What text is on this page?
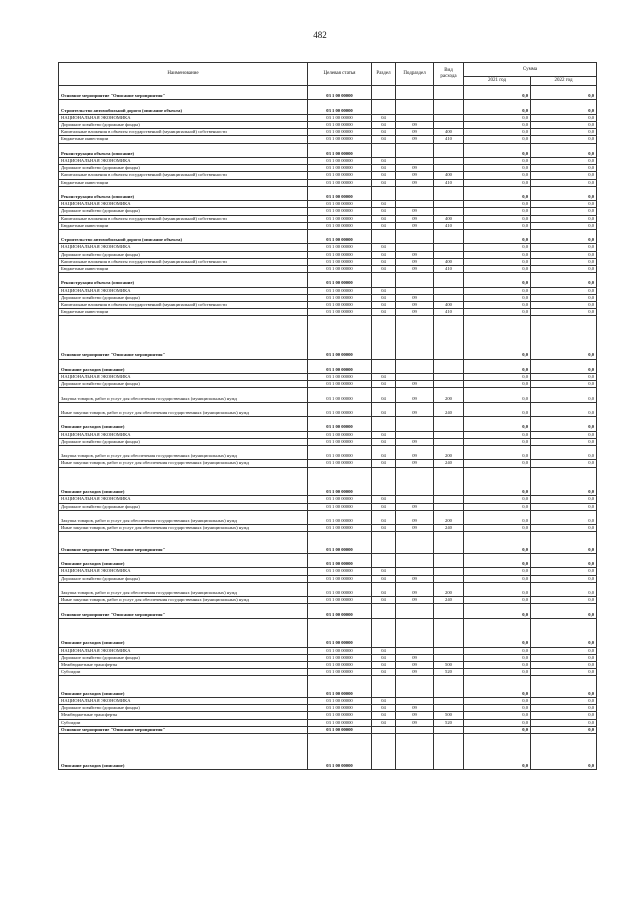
482
Наименование	Целевая статья	Раздел	Подраздел	Вид расхода	Сумма	
					2021 год	2022 год
Основное мероприятие "Описание мероприятия"	03 1 00 00000				0,0	0,0
Строительство автомобильной дороги (описание объекта)	03 1 00 00000				0,0	0,0
НАЦИОНАЛЬНАЯ ЭКОНОМИКА	03 1 00 00000	04			0,0	0,0
Дорожное хозяйство (дорожные фонды)	03 1 00 00000	04	09		0,0	0,0
Капитальные вложения в объекты государственной (муниципальной) собственности	03 1 00 00000	04	09	400	0,0	0,0
Бюджетные инвестиции	03 1 00 00000	04	09	410	0,0	0,0
Реконструкция объекта (описание)	03 1 00 00000				0,0	0,0
НАЦИОНАЛЬНАЯ ЭКОНОМИКА	03 1 00 00000	04			0,0	0,0
Дорожное хозяйство (дорожные фонды)	03 1 00 00000	04	09		0,0	0,0
Капитальные вложения в объекты государственной (муниципальной) собственности	03 1 00 00000	04	09	400	0,0	0,0
Бюджетные инвестиции	03 1 00 00000	04	09	410	0,0	0,0
Реконструкция объекта (описание)	03 1 00 00000				0,0	0,0
НАЦИОНАЛЬНАЯ ЭКОНОМИКА	03 1 00 00000	04			0,0	0,0
Дорожное хозяйство (дорожные фонды)	03 1 00 00000	04	09		0,0	0,0
Капитальные вложения в объекты государственной (муниципальной) собственности	03 1 00 00000	04	09	400	0,0	0,0
Бюджетные инвестиции	03 1 00 00000	04	09	410	0,0	0,0
Строительство автомобильной дороги (описание объекта)	03 1 00 00000				0,0	0,0
НАЦИОНАЛЬНАЯ ЭКОНОМИКА	03 1 00 00000	04			0,0	0,0
Дорожное хозяйство (дорожные фонды)	03 1 00 00000	04	09		0,0	0,0
Капитальные вложения в объекты государственной (муниципальной) собственности	03 1 00 00000	04	09	400	0,0	0,0
Бюджетные инвестиции	03 1 00 00000	04	09	410	0,0	0,0
Реконструкция объекта (описание)	03 1 00 00000				0,0	0,0
НАЦИОНАЛЬНАЯ ЭКОНОМИКА	03 1 00 00000	04			0,0	0,0
Дорожное хозяйство (дорожные фонды)	03 1 00 00000	04	09		0,0	0,0
Капитальные вложения в объекты государственной (муниципальной) собственности	03 1 00 00000	04	09	400	0,0	0,0
Бюджетные инвестиции	03 1 00 00000	04	09	410	0,0	0,0
Основное мероприятие "Описание мероприятия"	03 1 00 00000				0,0	0,0
Описание расходов (описание)	03 1 00 00000				0,0	0,0
НАЦИОНАЛЬНАЯ ЭКОНОМИКА	03 1 00 00000	04			0,0	0,0
Дорожное хозяйство (дорожные фонды)	03 1 00 00000	04	09		0,0	0,0
Закупка товаров, работ и услуг для обеспечения государственных (муниципальных) нужд	03 1 00 00000	04	09	200	0,0	0,0
Иные закупки товаров, работ и услуг для обеспечения государственных (муниципальных) нужд	03 1 00 00000	04	09	240	0,0	0,0
Описание расходов (описание)	03 1 00 00000				0,0	0,0
НАЦИОНАЛЬНАЯ ЭКОНОМИКА	03 1 00 00000	04			0,0	0,0
Дорожное хозяйство (дорожные фонды)	03 1 00 00000	04	09		0,0	0,0
Закупка товаров, работ и услуг для обеспечения государственных (муниципальных) нужд	03 1 00 00000	04	09	200	0,0	0,0
Иные закупки товаров, работ и услуг для обеспечения государственных (муниципальных) нужд	03 1 00 00000	04	09	240	0,0	0,0
Описание расходов (описание)	03 1 00 00000				0,0	0,0
НАЦИОНАЛЬНАЯ ЭКОНОМИКА	03 1 00 00000	04			0,0	0,0
Дорожное хозяйство (дорожные фонды)	03 1 00 00000	04	09		0,0	0,0
Закупка товаров, работ и услуг для обеспечения государственных (муниципальных) нужд	03 1 00 00000	04	09	200	0,0	0,0
Иные закупки товаров, работ и услуг для обеспечения государственных (муниципальных) нужд	03 1 00 00000	04	09	240	0,0	0,0
Основное мероприятие "Описание мероприятия"	03 1 00 00000				0,0	0,0
Описание расходов (описание)	03 1 00 00000				0,0	0,0
НАЦИОНАЛЬНАЯ ЭКОНОМИКА	03 1 00 00000	04			0,0	0,0
Дорожное хозяйство (дорожные фонды)	03 1 00 00000	04	09		0,0	0,0
Закупка товаров, работ и услуг для обеспечения государственных (муниципальных) нужд	03 1 00 00000	04	09	200	0,0	0,0
Иные закупки товаров, работ и услуг для обеспечения государственных (муниципальных) нужд	03 1 00 00000	04	09	240	0,0	0,0
Основное мероприятие "Описание мероприятия"	03 1 00 00000				0,0	0,0
Описание расходов (описание)	03 1 00 00000				0,0	0,0
НАЦИОНАЛЬНАЯ ЭКОНОМИКА	03 1 00 00000	04			0,0	0,0
Дорожное хозяйство (дорожные фонды)	03 1 00 00000	04	09		0,0	0,0
Межбюджетные трансферты	03 1 00 00000	04	09	500	0,0	0,0
Субсидии	03 1 00 00000	04	09	520	0,0	0,0
Описание расходов (описание)	03 1 00 00000				0,0	0,0
НАЦИОНАЛЬНАЯ ЭКОНОМИКА	03 1 00 00000	04			0,0	0,0
Дорожное хозяйство (дорожные фонды)	03 1 00 00000	04	09		0,0	0,0
Межбюджетные трансферты	03 1 00 00000	04	09	500	0,0	0,0
Субсидии	03 1 00 00000	04	09	520	0,0	0,0
Основное мероприятие "Описание мероприятия"	03 1 00 00000				0,0	0,0
Описание расходов (описание)	03 1 00 00000				0,0	0,0
